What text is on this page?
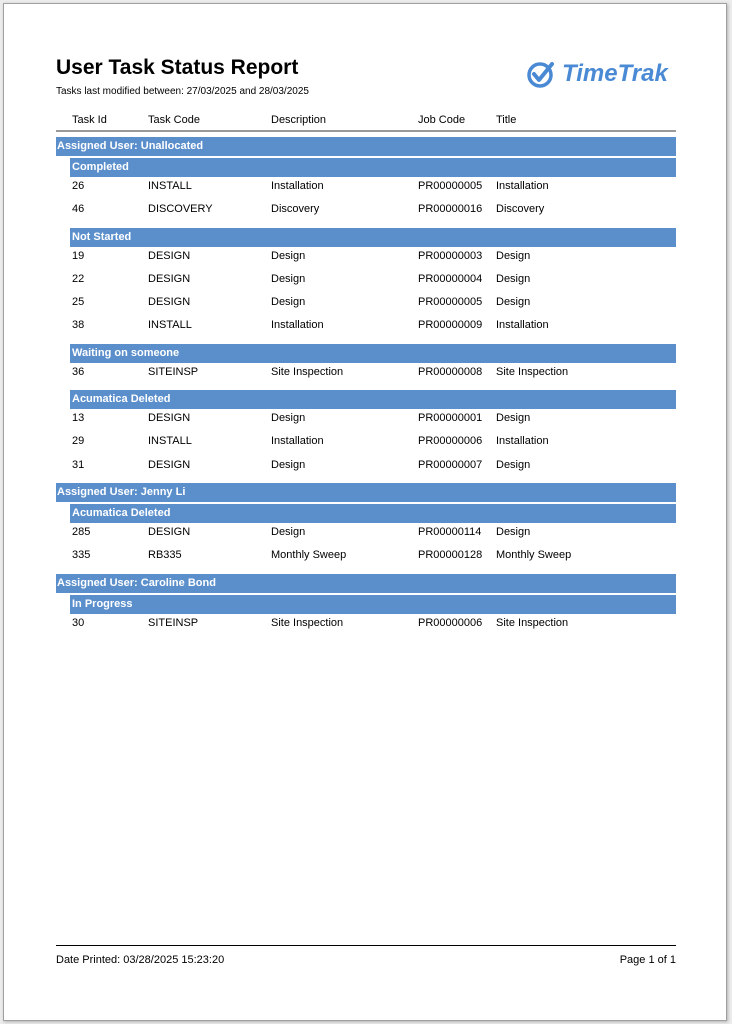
User Task Status Report
Tasks last modified between: 27/03/2025 and 28/03/2025
TimeTrak
Task Id	Task Code	Description	Job Code	Title
Assigned User: Unallocated
Completed
26	INSTALL	Installation	PR00000005 Installation
46	DISCOVERY	Discovery	PR00000016 Discovery
Not Started
19	DESIGN	Design	PR00000003 Design
22	DESIGN	Design	PR00000004 Design
25	DESIGN	Design	PR00000005 Design
38	INSTALL	Installation	PR00000009 Installation
Waiting on someone
36	SITEINSP	Site Inspection	PR00000008 Site Inspection
Acumatica Deleted
13	DESIGN	Design	PR00000001 Design
29	INSTALL	Installation	PR00000006 Installation
31	DESIGN	Design	PR00000007 Design
Assigned User: Jenny Li
Acumatica Deleted
285	DESIGN	Design	PR00000114 Design
335	RB335	Monthly Sweep	PR00000128 Monthly Sweep
Assigned User: Caroline Bond
In Progress
30	SITEINSP	Site Inspection	PR00000006 Site Inspection
Date Printed: 03/28/2025 15:23:20	Page 1 of 1
